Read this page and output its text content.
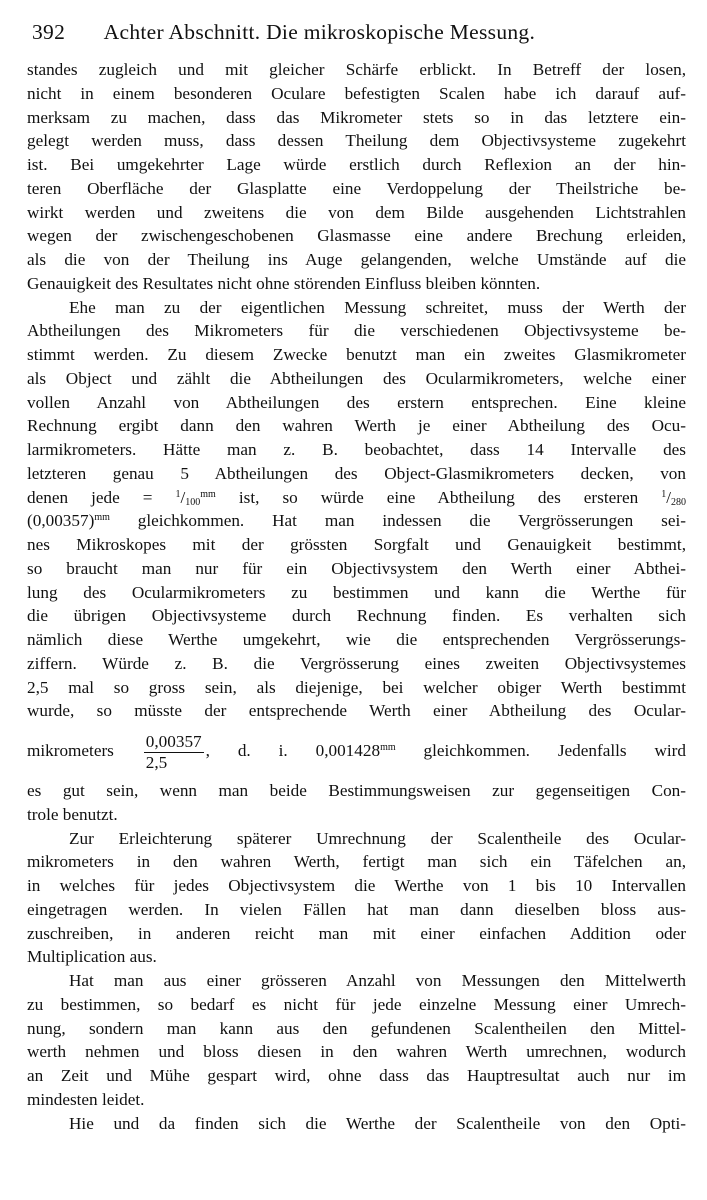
392 Achter Abschnitt. Die mikroskopische Messung.
standes zugleich und mit gleicher Schärfe erblickt. In Betreff der losen,
nicht in einem besonderen Oculare befestigten Scalen habe ich darauf auf-
merksam zu machen, dass das Mikrometer stets so in das letztere ein-
gelegt werden muss, dass dessen Theilung dem Objectivsysteme zugekehrt
ist. Bei umgekehrter Lage würde erstlich durch Reflexion an der hin-
teren Oberfläche der Glasplatte eine Verdoppelung der Theilstriche be-
wirkt werden und zweitens die von dem Bilde ausgehenden Lichtstrahlen
wegen der zwischengeschobenen Glasmasse eine andere Brechung erleiden,
als die von der Theilung ins Auge gelangenden, welche Umstände auf die
Genauigkeit des Resultates nicht ohne störenden Einfluss bleiben könnten.
Ehe man zu der eigentlichen Messung schreitet, muss der Werth der
Abtheilungen des Mikrometers für die verschiedenen Objectivsysteme be-
stimmt werden. Zu diesem Zwecke benutzt man ein zweites Glasmikrometer
als Object und zählt die Abtheilungen des Ocularmikrometers, welche einer
vollen Anzahl von Abtheilungen des erstern entsprechen. Eine kleine
Rechnung ergibt dann den wahren Werth je einer Abtheilung des Ocu-
larmikrometers. Hätte man z. B. beobachtet, dass 14 Intervalle des
letzteren genau 5 Abtheilungen des Object-Glasmikrometers decken, von
denen jede = $^1/_{100}^{mm}$ ist, so würde eine Abtheilung des ersteren $^1/_{280}$
$(0,00357)^{mm}$ gleichkommen. Hat man indessen die Vergrösserungen sei-
nes Mikroskopes mit der grössten Sorgfalt und Genauigkeit bestimmt,
so braucht man nur für ein Objectivsystem den Werth einer Abthei-
lung des Ocularmikrometers zu bestimmen und kann die Werthe für
die übrigen Objectivsysteme durch Rechnung finden. Es verhalten sich
nämlich diese Werthe umgekehrt, wie die entsprechenden Vergrösserungs-
ziffern. Würde z. B. die Vergrösserung eines zweiten Objectivsystemes
2,5 mal so gross sein, als diejenige, bei welcher obiger Werth bestimmt
wurde, so müsste der entsprechende Werth einer Abtheilung des Ocular-
mikrometers $\frac{0,00357}{2,5}$ , d. i. $0,001428^{mm}$ gleichkommen. Jedenfalls wird
es gut sein, wenn man beide Bestimmungsweisen zur gegenseitigen Con-
trole benutzt.
Zur Erleichterung späterer Umrechnung der Scalentheile des Ocular-
mikrometers in den wahren Werth, fertigt man sich ein Täfelchen an,
in welches für jedes Objectivsystem die Werthe von 1 bis 10 Intervallen
eingetragen werden. In vielen Fällen hat man dann dieselben bloss aus-
zuschreiben, in anderen reicht man mit einer einfachen Addition oder
Multiplication aus.
Hat man aus einer grösseren Anzahl von Messungen den Mittelwerth
zu bestimmen, so bedarf es nicht für jede einzelne Messung einer Umrech-
nung, sondern man kann aus den gefundenen Scalentheilen den Mittel-
werth nehmen und bloss diesen in den wahren Werth umrechnen, wodurch
an Zeit und Mühe gespart wird, ohne dass das Hauptresultat auch nur im
mindesten leidet.
Hie und da finden sich die Werthe der Scalentheile von den Opti-
